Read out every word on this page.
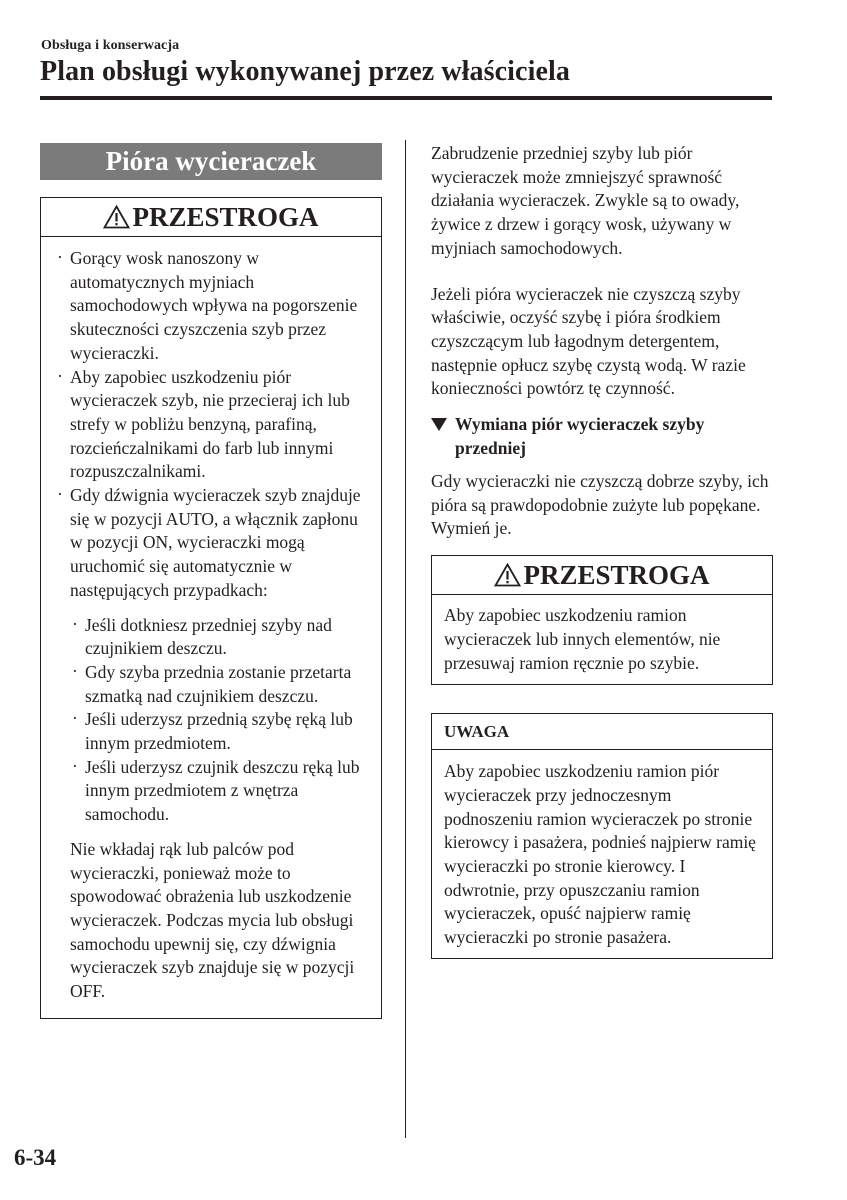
Obsługa i konserwacja
Plan obsługi wykonywanej przez właściciela
Pióra wycieraczek
PRZESTROGA
· Gorący wosk nanoszony w automatycznych myjniach samochodowych wpływa na pogorszenie skuteczności czyszczenia szyb przez wycieraczki.
· Aby zapobiec uszkodzeniu piór wycieraczek szyb, nie przecieraj ich lub strefy w pobliżu benzyną, parafiną, rozcieńczalnikami do farb lub innymi rozpuszczalnikami.
· Gdy dźwignia wycieraczek szyb znajduje się w pozycji AUTO, a włącznik zapłonu w pozycji ON, wycieraczki mogą uruchomić się automatycznie w następujących przypadkach:
· Jeśli dotkniesz przedniej szyby nad czujnikiem deszczu.
· Gdy szyba przednia zostanie przetarta szmatką nad czujnikiem deszczu.
· Jeśli uderzysz przednią szybę ręką lub innym przedmiotem.
· Jeśli uderzysz czujnik deszczu ręką lub innym przedmiotem z wnętrza samochodu.
Nie wkładaj rąk lub palców pod wycieraczki, ponieważ może to spowodować obrażenia lub uszkodzenie wycieraczek. Podczas mycia lub obsługi samochodu upewnij się, czy dźwignia wycieraczek szyb znajduje się w pozycji OFF.
Zabrudzenie przedniej szyby lub piór wycieraczek może zmniejszyć sprawność działania wycieraczek. Zwykle są to owady, żywice z drzew i gorący wosk, używany w myjniach samochodowych.
Jeżeli pióra wycieraczek nie czyszczą szyby właściwie, oczyść szybę i pióra środkiem czyszczącym lub łagodnym detergentem, następnie opłucz szybę czystą wodą. W razie konieczności powtórz tę czynność.
Wymiana piór wycieraczek szyby przedniej
Gdy wycieraczki nie czyszczą dobrze szyby, ich pióra są prawdopodobnie zużyte lub popękane.
Wymień je.
PRZESTROGA
Aby zapobiec uszkodzeniu ramion wycieraczek lub innych elementów, nie przesuwaj ramion ręcznie po szybie.
UWAGA
Aby zapobiec uszkodzeniu ramion piór wycieraczek przy jednoczesnym podnoszeniu ramion wycieraczek po stronie kierowcy i pasażera, podnieś najpierw ramię wycieraczki po stronie kierowcy. I odwrotnie, przy opuszczaniu ramion wycieraczek, opuść najpierw ramię wycieraczki po stronie pasażera.
6-34
